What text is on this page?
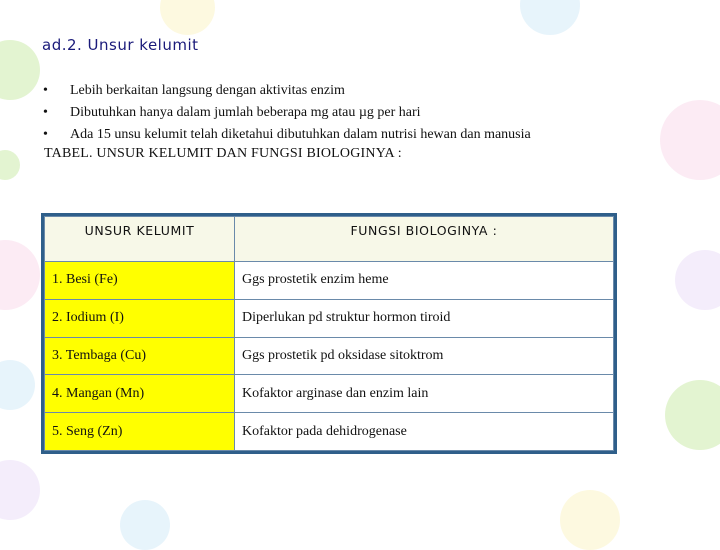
ad.2. Unsur kelumit
•	Lebih berkaitan langsung dengan aktivitas enzim
•	Dibutuhkan hanya dalam jumlah beberapa mg atau µg per hari
•	Ada 15 unsu kelumit telah diketahui dibutuhkan dalam nutrisi hewan dan manusia
TABEL. UNSUR KELUMIT DAN FUNGSI BIOLOGINYA :
UNSUR KELUMIT	FUNGSI BIOLOGINYA :
1. Besi (Fe)	Ggs prostetik enzim heme
2. Iodium (I)	Diperlukan pd struktur hormon tiroid
3. Tembaga (Cu)	Ggs prostetik pd oksidase sitoktrom
4. Mangan (Mn)	Kofaktor arginase dan enzim lain
5. Seng (Zn)	Kofaktor pada dehidrogenase
